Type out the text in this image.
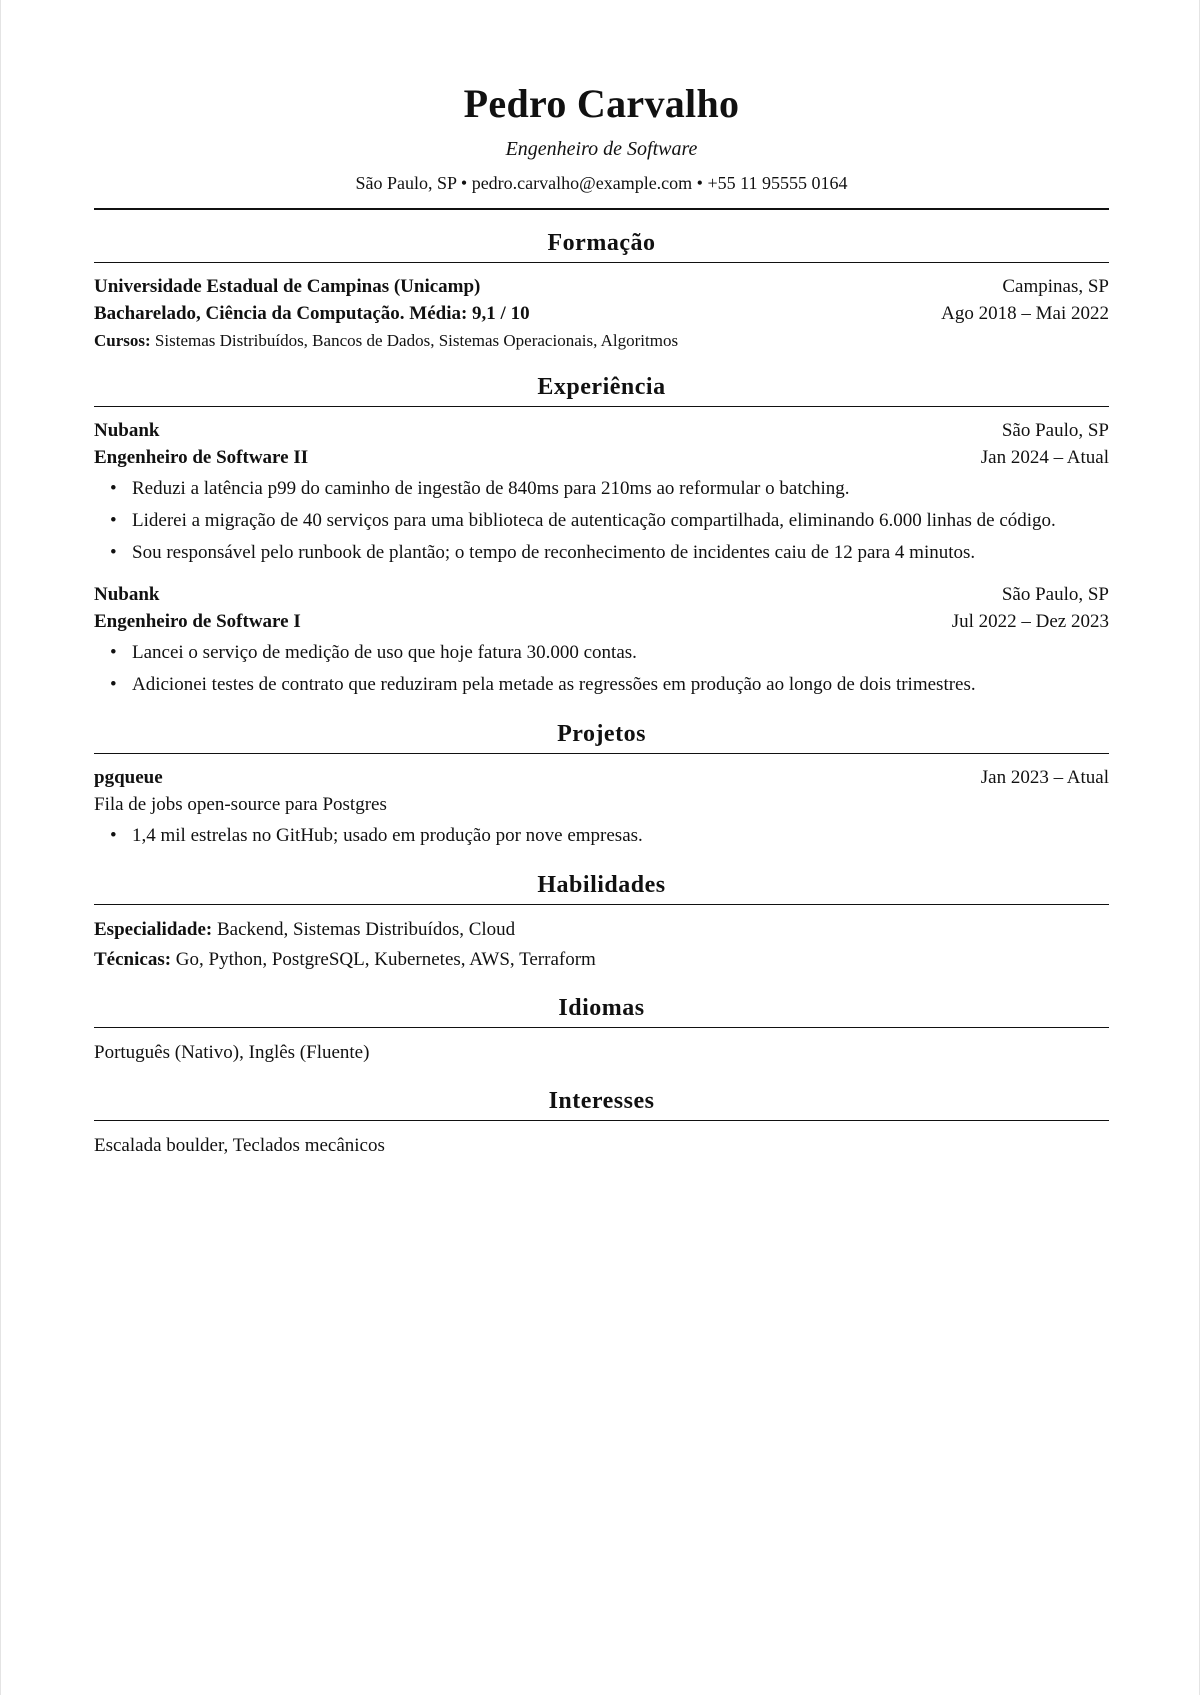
Pedro Carvalho

Engenheiro de Software

São Paulo, SP • pedro.carvalho@example.com • +55 11 95555 0164

Formação
Universidade Estadual de Campinas (Unicamp)	Campinas, SP
Bacharelado, Ciência da Computação. Média: 9,1 / 10	Ago 2018 – Mai 2022
Cursos: Sistemas Distribuídos, Bancos de Dados, Sistemas Operacionais, Algoritmos
Experiência
Nubank	São Paulo, SP
Engenheiro de Software II	Jan 2024 – Atual
• Reduzi a latência p99 do caminho de ingestão de 840ms para 210ms ao reformular o batching.
• Liderei a migração de 40 serviços para uma biblioteca de autenticação compartilhada, eliminando 6.000 linhas de código.
• Sou responsável pelo runbook de plantão; o tempo de reconhecimento de incidentes caiu de 12 para 4 minutos.
Nubank	São Paulo, SP
Engenheiro de Software I	Jul 2022 – Dez 2023
• Lancei o serviço de medição de uso que hoje fatura 30.000 contas.
• Adicionei testes de contrato que reduziram pela metade as regressões em produção ao longo de dois trimestres.
Projetos
pgqueue	Jan 2023 – Atual
Fila de jobs open-source para Postgres
• 1,4 mil estrelas no GitHub; usado em produção por nove empresas.
Habilidades

Especialidade: Backend, Sistemas Distribuídos, Cloud

Técnicas: Go, Python, PostgreSQL, Kubernetes, AWS, Terraform

Idiomas

Português (Nativo), Inglês (Fluente)

Interesses

Escalada boulder, Teclados mecânicos
